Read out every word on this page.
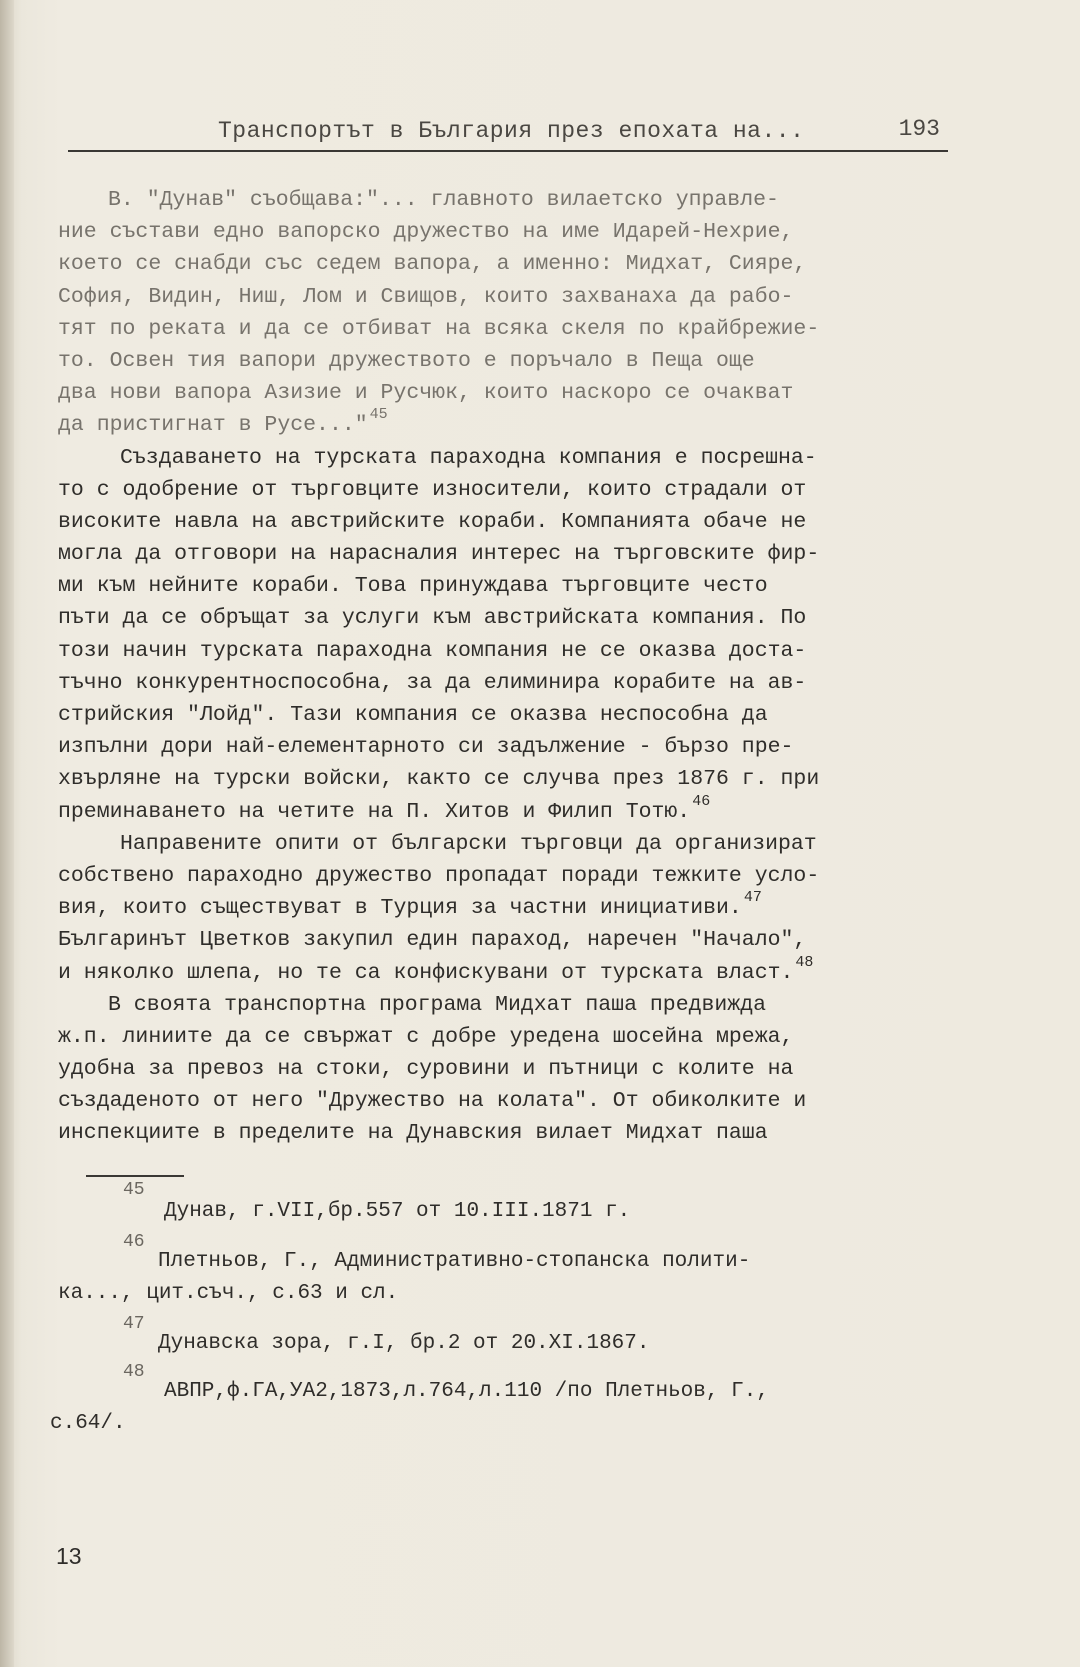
Транспортът в България през епохата на...	193
В. "Дунав" съобщава:"... главното вилаетско управле-
ние състави едно вапорско дружество на име Идарей-Нехрие,
което се снабди със седем вапора, а именно: Мидхат, Сияре,
София, Видин, Ниш, Лом и Свищов, които захванаха да рабо-
тят по реката и да се отбиват на всяка скеля по крайбрежие-
то. Освен тия вапори дружеството е поръчало в Пеща още
два нови вапора Азизие и Русчюк, които наскоро се очакват
да пристигнат в Русе..." 45
Създаването на турската параходна компания е посрешна-
то с одобрение от търговците износители, които страдали от
високите навла на австрийските кораби. Компанията обаче не
могла да отговори на нарасналия интерес на търговските фир-
ми към нейните кораби. Това принуждава търговците често
пъти да се обръщат за услуги към австрийската компания. По
този начин турската параходна компания не се оказва доста-
тъчно конкурентноспособна, за да елиминира корабите на ав-
стрийския "Лойд". Тази компания се оказва неспособна да
изпълни дори най-елементарното си задължение - бързо пре-
хвърляне на турски войски, както се случва през 1876 г. при
преминаването на четите на П. Хитов и Филип Тотю. 46
Направените опити от български търговци да организират
собствено параходно дружество пропадат поради тежките усло-
вия, които съществуват в Турция за частни инициативи. 47
Българинът Цветков закупил един параход, наречен "Начало",
и няколко шлепа, но те са конфискувани от турската власт. 48
В своята транспортна програма Мидхат паша предвижда
ж.п. линиите да се свържат с добре уредена шосейна мрежа,
удобна за превоз на стоки, суровини и пътници с колите на
създаденото от него "Дружество на колата". От обиколките и
инспекциите в пределите на Дунавския вилает Мидхат паша
45
Дунав, г.VII,бр.557 от 10.III.1871 г.
46
Плетньов, Г., Административно-стопанска полити-
ка..., цит.съч., с.63 и сл.
47
Дунавска зора, г.I, бр.2 от 20.XI.1867.
48
АВПР,ф.ГА,УА2,1873,л.764,л.110 /по Плетньов, Г.,
с.64/.
13
